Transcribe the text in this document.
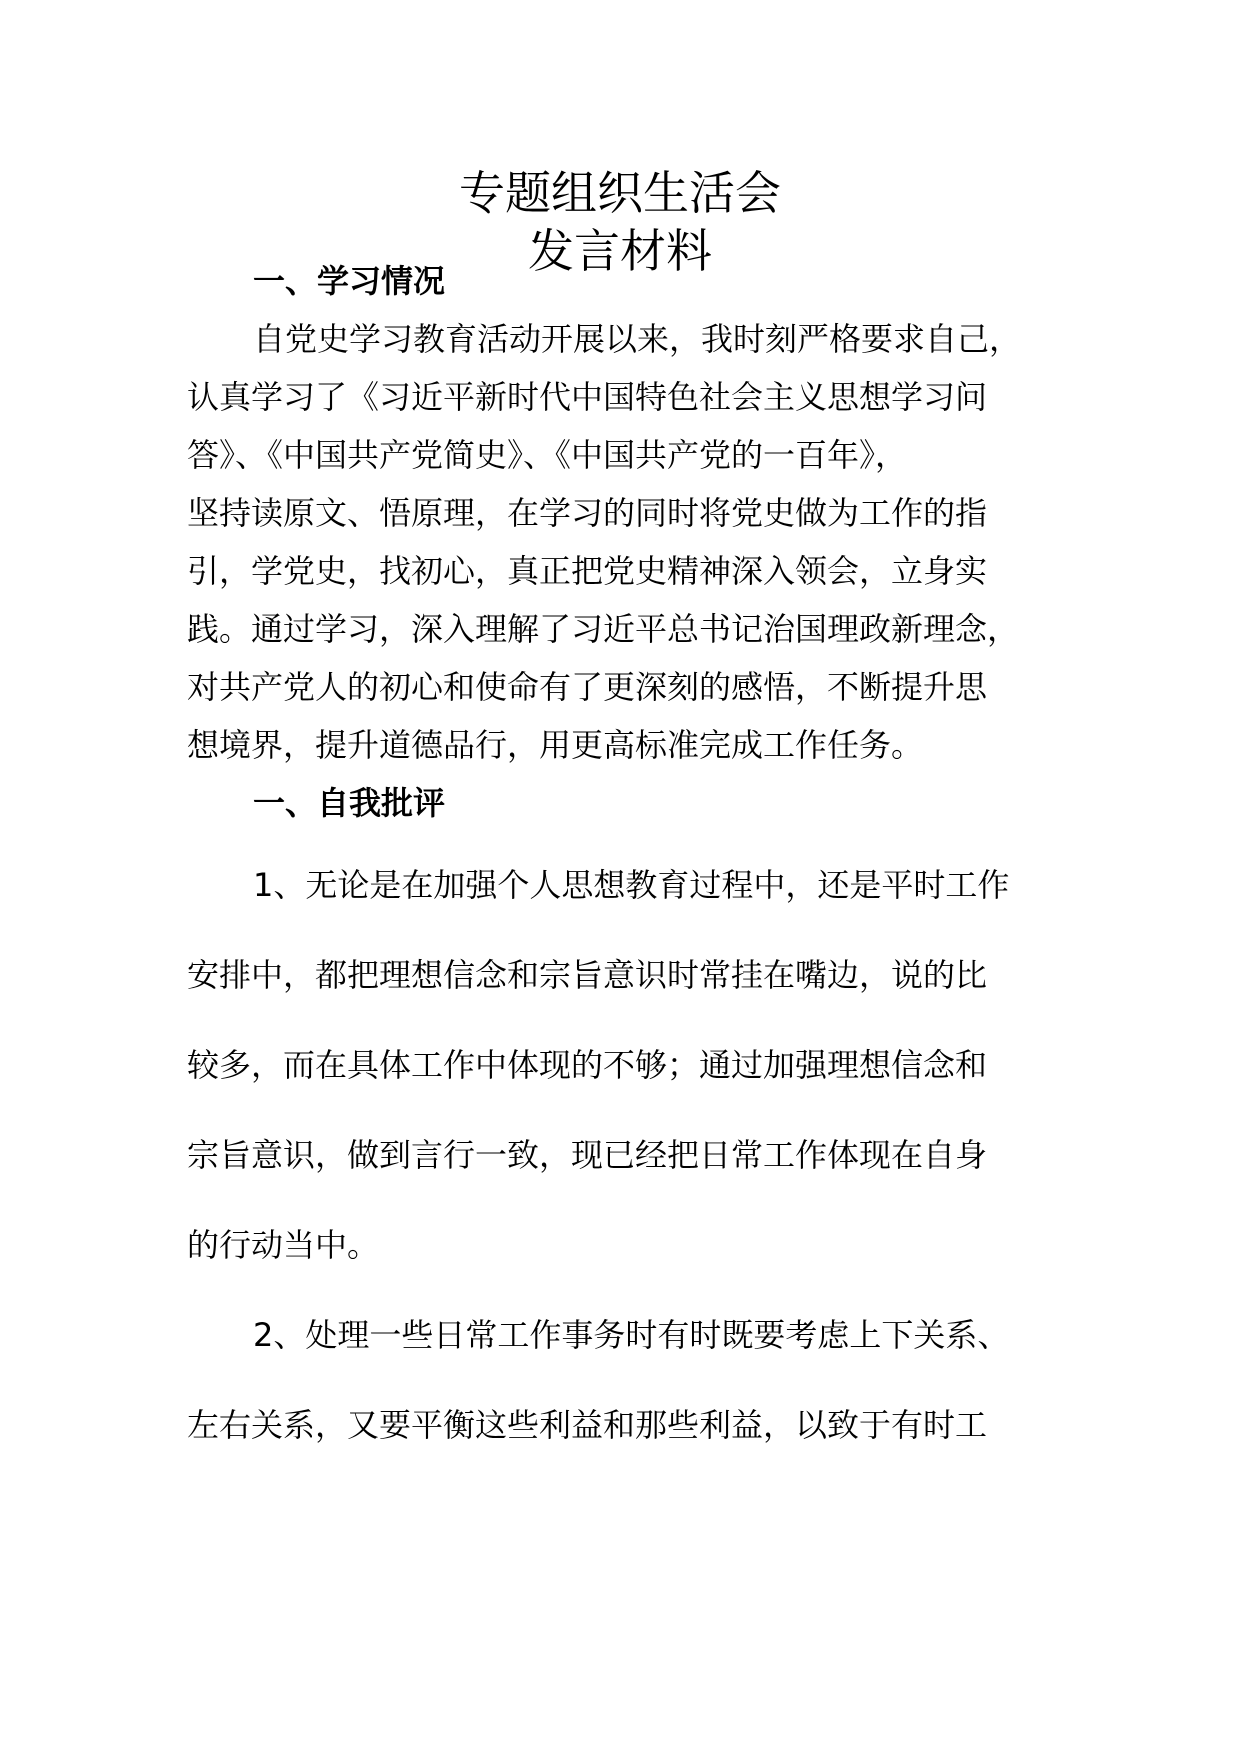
专题组织生活会
发言材料
一、学习情况
自党史学习教育活动开展以来，我时刻严格要求自己，
认真学习了《习近平新时代中国特色社会主义思想学习问
答》、《中国共产党简史》、《中国共产党的一百年》，
坚持读原文、悟原理，在学习的同时将党史做为工作的指
引，学党史，找初心，真正把党史精神深入领会，立身实
践。通过学习，深入理解了习近平总书记治国理政新理念，
对共产党人的初心和使命有了更深刻的感悟，不断提升思
想境界，提升道德品行，用更高标准完成工作任务。
一、自我批评
1、无论是在加强个人思想教育过程中，还是平时工作
安排中，都把理想信念和宗旨意识时常挂在嘴边，说的比
较多，而在具体工作中体现的不够；通过加强理想信念和
宗旨意识，做到言行一致，现已经把日常工作体现在自身
的行动当中。
2、处理一些日常工作事务时有时既要考虑上下关系、
左右关系，又要平衡这些利益和那些利益，以致于有时工
